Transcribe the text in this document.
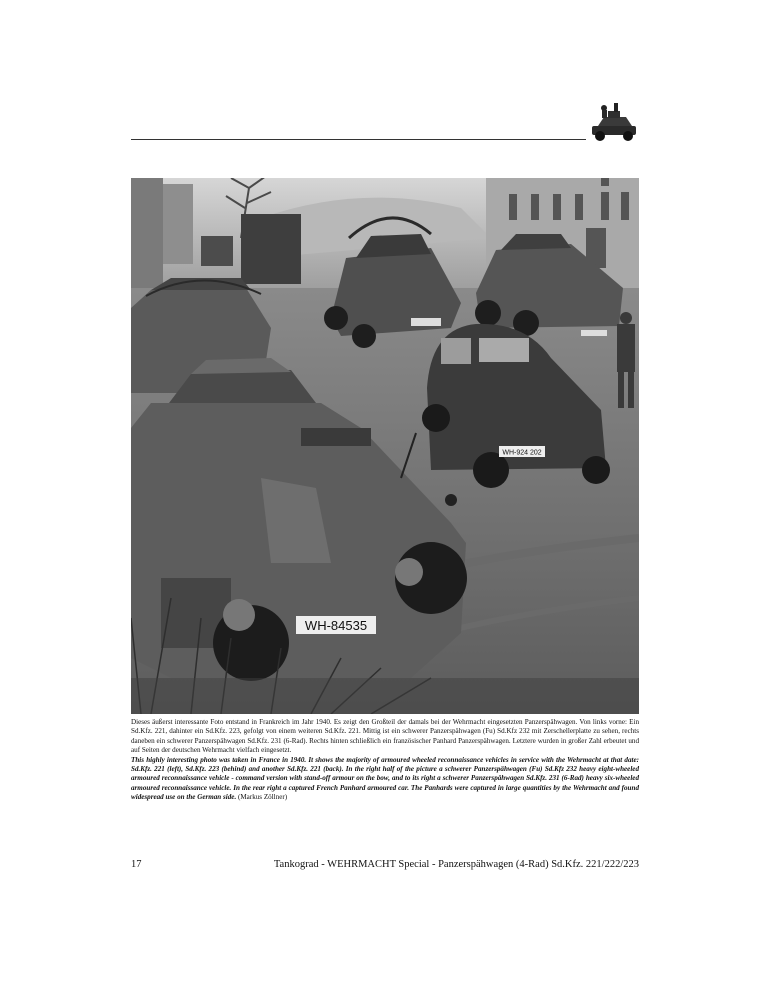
WH-924 202
WH-84535

Dieses äußerst interessante Foto entstand in Frankreich im Jahr 1940. Es zeigt den Großteil der damals bei der Wehrmacht eingesetzten Panzerspähwagen. Von links vorne: Ein Sd.Kfz. 221, dahinter ein Sd.Kfz. 223, gefolgt von einem weiteren Sd.Kfz. 221. Mittig ist ein schwerer Panzerspähwagen (Fu) Sd.Kfz 232 mit Zerschellerplatte zu sehen, rechts daneben ein schwerer Panzerspähwagen Sd.Kfz. 231 (6-Rad). Rechts hinten schließlich ein französischer Panhard Panzerspähwagen. Letztere wurden in großer Zahl erbeutet und auf Seiten der deutschen Wehrmacht vielfach eingesetzt.

This highly interesting photo was taken in France in 1940. It shows the majority of armoured wheeled reconnaissance vehicles in service with the Wehrmacht at that date: Sd.Kfz. 221 (left), Sd.Kfz. 223 (behind) and another Sd.Kfz. 221 (back). In the right half of the picture a schwerer Panzerspähwagen (Fu) Sd.Kfz 232 heavy eight-wheeled armoured reconnaissance vehicle - command version with stand-off armour on the bow, and to its right a schwerer Panzerspähwagen Sd.Kfz. 231 (6-Rad) heavy six-wheeled armoured reconnaissance vehicle. In the rear right a captured French Panhard armoured car. The Panhards were captured in large quantities by the Wehrmacht and found widespread use on the German side. (Markus Zöllner)

17	Tankograd - WEHRMACHT Special - Panzerspähwagen (4-Rad) Sd.Kfz. 221/222/223
